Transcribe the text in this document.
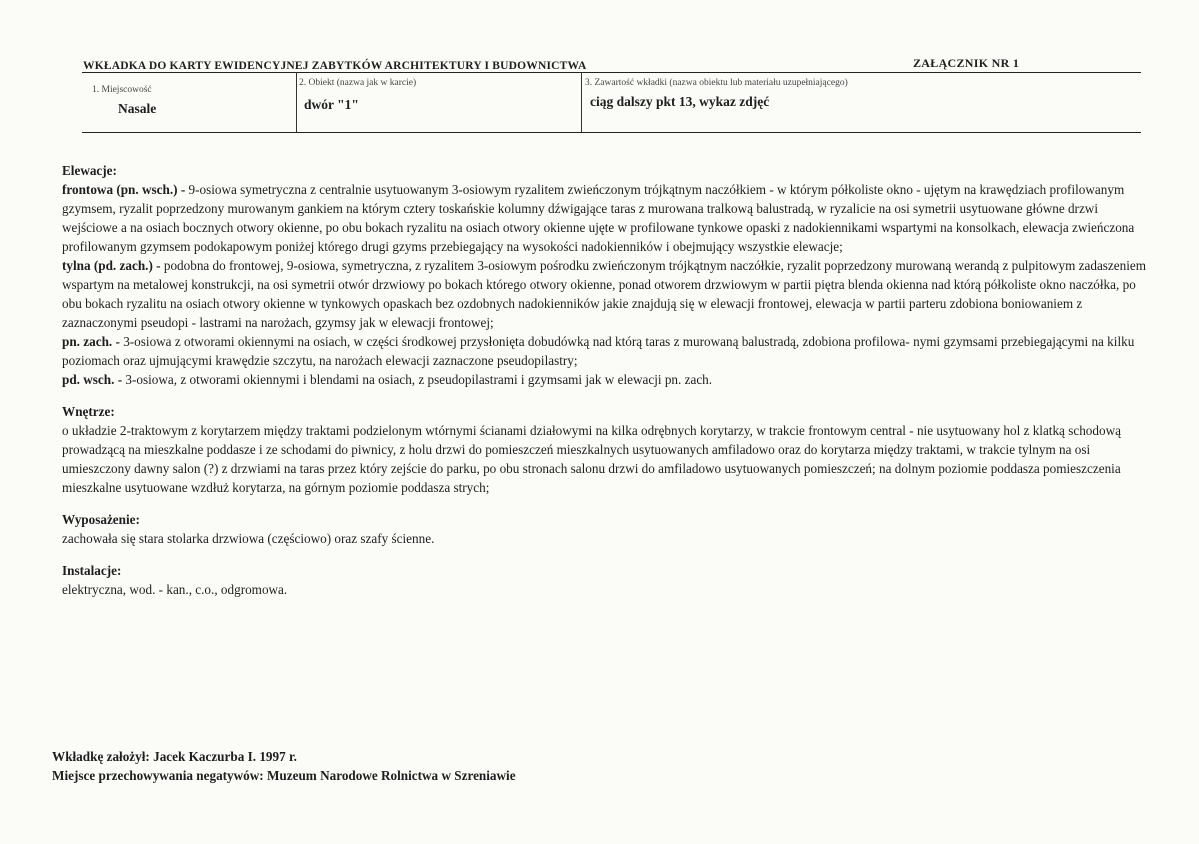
WKŁADKA DO KARTY EWIDENCYJNEJ ZABYTKÓW ARCHITEKTURY I BUDOWNICTWA	ZAŁĄCZNIK NR 1
1. Miejscowość
Nasale
2. Obiekt (nazwa jak w karcie)
dwór "1"
3. Zawartość wkładki (nazwa obiektu lub materiału uzupełniającego)
ciąg dalszy pkt 13, wykaz zdjęć
Elewacje:
frontowa (pn. wsch.) - 9-osiowa symetryczna z centralnie usytuowanym 3-osiowym ryzalitem zwieńczonym trójkątnym naczółkiem - w którym półkoliste okno - ujętym na krawędziach profilowanym gzymsem, ryzalit poprzedzony murowanym gankiem na którym cztery toskańskie kolumny dźwigające taras z murowana tralkową balustradą, w ryzalicie na osi symetrii usytuowane główne drzwi wejściowe a na osiach bocznych otwory okienne, po obu bokach ryzalitu na osiach otwory okienne ujęte w profilowane tynkowe opaski z nadokiennikami wspartymi na konsolkach, elewacja zwieńczona profilowanym gzymsem podokapowym poniżej którego drugi gzyms przebiegający na wysokości nadokienników i obejmujący wszystkie elewacje;
tylna (pd. zach.) - podobna do frontowej, 9-osiowa, symetryczna, z ryzalitem 3-osiowym pośrodku zwieńczonym trójkątnym naczółkie, ryzalit poprzedzony murowaną werandą z pulpitowym zadaszeniem wspartym na metalowej konstrukcji, na osi symetrii otwór drzwiowy po bokach którego otwory okienne, ponad otworem drzwiowym w partii piętra blenda okienna nad którą półkoliste okno naczółka, po obu bokach ryzalitu na osiach otwory okienne w tynkowych opaskach bez ozdobnych nadokienników jakie znajdują się w elewacji frontowej, elewacja w partii parteru zdobiona boniowaniem z zaznaczonymi pseudopi - lastrami na narożach, gzymsy jak w elewacji frontowej;
pn. zach. - 3-osiowa z otworami okiennymi na osiach, w części środkowej przysłonięta dobudówką nad którą taras z murowaną balustradą, zdobiona profilowa- nymi gzymsami przebiegającymi na kilku poziomach oraz ujmującymi krawędzie szczytu, na narożach elewacji zaznaczone pseudopilastry;
pd. wsch. - 3-osiowa, z otworami okiennymi i blendami na osiach, z pseudopilastrami i gzymsami jak w elewacji pn. zach.
Wnętrze:
o układzie 2-traktowym z korytarzem między traktami podzielonym wtórnymi ścianami działowymi na kilka odrębnych korytarzy, w trakcie frontowym central - nie usytuowany hol z klatką schodową prowadzącą na mieszkalne poddasze i ze schodami do piwnicy, z holu drzwi do pomieszczeń mieszkalnych usytuowanych amfiladowo oraz do korytarza między traktami, w trakcie tylnym na osi umieszczony dawny salon (?) z drzwiami na taras przez który zejście do parku, po obu stronach salonu drzwi do amfiladowo usytuowanych pomieszczeń; na dolnym poziomie poddasza pomieszczenia mieszkalne usytuowane wzdłuż korytarza, na górnym poziomie poddasza strych;
Wyposażenie:
zachowała się stara stolarka drzwiowa (częściowo) oraz szafy ścienne.
Instalacje:
elektryczna, wod. - kan., c.o., odgromowa.
Wkładkę założył: Jacek Kaczurba I. 1997 r.
Miejsce przechowywania negatywów: Muzeum Narodowe Rolnictwa w Szreniawie
